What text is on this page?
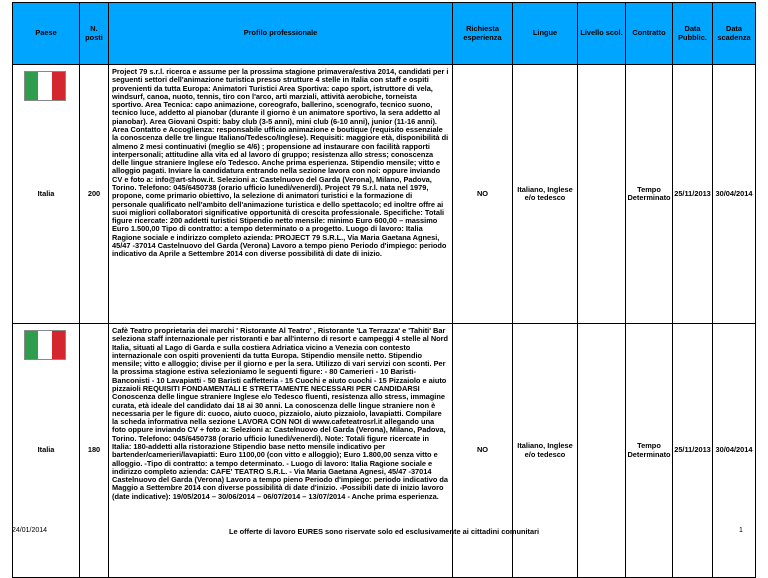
Paese	N. posti	Profilo professionale	Richiesta esperienza	Lingue	Livello scol.	Contratto	Data Pubblic.	Data scadenza

Italia	200	Project 79 s.r.l. ricerca e assume per la prossima stagione primavera/estiva 2014, candidati per i seguenti settori dell'animazione turistica presso strutture 4 stelle in Italia con staff e ospiti provenienti da tutta Europa: Animatori Turistici Area Sportiva: capo sport, istruttore di vela, windsurf, canoa, nuoto, tennis, tiro con l'arco, arti marziali, attività aerobiche, torneista sportivo. Area Tecnica: capo animazione, coreografo, ballerino, scenografo, tecnico suono, tecnico luce, addetto al pianobar (durante il giorno è un animatore sportivo, la sera addetto al pianobar). Area Giovani Ospiti: baby club (3-5 anni), mini club (6-10 anni), junior (11-16 anni). Area Contatto e Accoglienza: responsabile ufficio animazione e boutique (requisito essenziale la conoscenza delle tre lingue Italiano/Tedesco/Inglese). Requisiti: maggiore età, disponibilità di almeno 2 mesi continuativi (meglio se 4/6) ; propensione ad instaurare con facilità rapporti interpersonali; attitudine alla vita ed al lavoro di gruppo; resistenza allo stress; conoscenza delle lingue straniere Inglese e/o Tedesco. Anche prima esperienza. Stipendio mensile; vitto e alloggio pagati. Inviare la candidatura entrando nella sezione lavora con noi: oppure inviando CV e foto a: info@art-show.it. Selezioni a: Castelnuovo del Garda (Verona), Milano, Padova, Torino. Telefono: 045/6450738 (orario ufficio lunedì/venerdì). Project 79 S.r.l. nata nel 1979, propone, come primario obiettivo, la selezione di animatori turistici e la formazione di personale qualificato nell'ambito dell'animazione turistica e dello spettacolo; ed inoltre offre ai suoi migliori collaboratori significative opportunità di crescita professionale. Specifiche: Totali figure ricercate: 200 addetti turistici Stipendio netto mensile: minimo Euro 600,00 – massimo Euro 1.500,00 Tipo di contratto: a tempo determinato o a progetto. Luogo di lavoro: Italia Ragione sociale e indirizzo completo azienda: PROJECT 79 S.R.L., Via Maria Gaetana Agnesi, 45/47 -37014 Castelnuovo del Garda (Verona) Lavoro a tempo pieno Periodo d'impiego: periodo indicativo da Aprile a Settembre 2014 con diverse possibilità di date di inizio.	NO	Italiano, Inglese e/o tedesco		Tempo Determinato	25/11/2013	30/04/2014

Italia	180	Cafè Teatro proprietaria dei marchi ' Ristorante Al Teatro' , Ristorante 'La Terrazza' e 'Tahiti' Bar seleziona staff internazionale per ristoranti e bar all'interno di resort e campeggi 4 stelle al Nord Italia, situati al Lago di Garda e sulla costiera Adriatica vicino a Venezia con contesto internazionale con ospiti provenienti da tutta Europa. Stipendio mensile netto. Stipendio mensile; vitto e alloggio; divise per il giorno e per la sera. Utilizzo di vari servizi con sconti. Per la prossima stagione estiva selezioniamo le seguenti figure: - 80 Camerieri - 10 Baristi-Banconisti - 10 Lavapiatti - 50 Baristi caffetteria - 15 Cuochi e aiuto cuochi - 15 Pizzaiolo e aiuto pizzaioli REQUISITI FONDAMENTALI E STRETTAMENTE NECESSARI PER CANDIDARSI Conoscenza delle lingue straniere Inglese e/o Tedesco fluenti, resistenza allo stress, immagine curata, età ideale del candidato dai 18 ai 30 anni. La conoscenza delle lingue straniere non è necessaria per le figure di: cuoco, aiuto cuoco, pizzaiolo, aiuto pizzaiolo, lavapiatti. Compilare la scheda informativa nella sezione LAVORA CON NOI di www.cafeteatrosrl.it allegando una foto oppure inviando CV + foto a: Selezioni a: Castelnuovo del Garda (Verona), Milano, Padova, Torino. Telefono: 045/6450738 (orario ufficio lunedì/venerdì). Note: Totali figure ricercate in Italia: 180-addetti alla ristorazione Stipendio base netto mensile indicativo per bartender/camerieri/lavapiatti: Euro 1100,00 (con vitto e alloggio); Euro 1.800,00 senza vitto e alloggio. -Tipo di contratto: a tempo determinato. - Luogo di lavoro: Italia Ragione sociale e indirizzo completo azienda: CAFE' TEATRO S.R.L. - Via Maria Gaetana Agnesi, 45/47 -37014 Castelnuovo del Garda (Verona) Lavoro a tempo pieno Periodo d'impiego: periodo indicativo da Maggio a Settembre 2014 con diverse possibilità di date d'inizio. -Possibili date di inizio lavoro (date indicative): 19/05/2014 – 30/06/2014 – 06/07/2014 – 13/07/2014 - Anche prima esperienza.	NO	Italiano, Inglese e/o tedesco		Tempo Determinato	25/11/2013	30/04/2014
Le offerte di lavoro EURES sono riservate solo ed esclusivamente ai cittadini comunitari
24/01/2014	1
